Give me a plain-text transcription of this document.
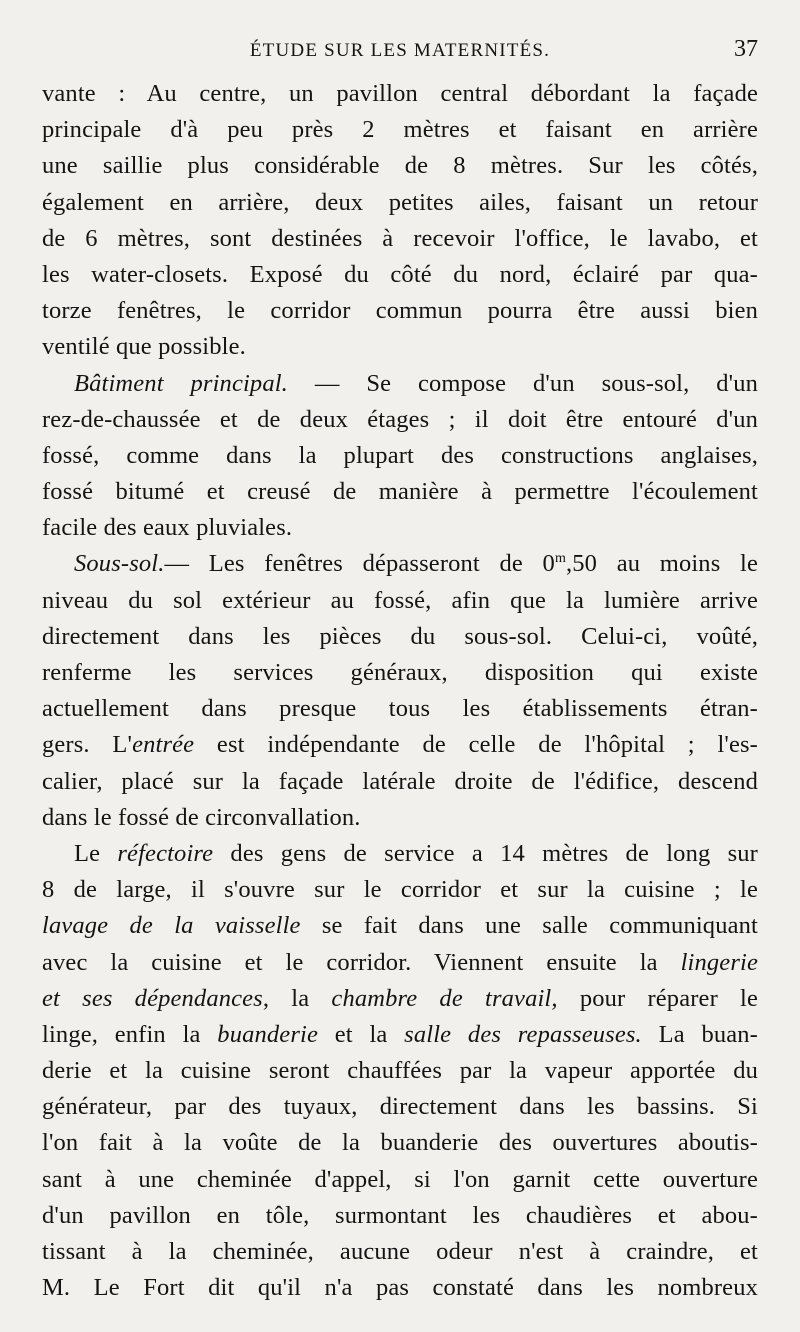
ÉTUDE SUR LES MATERNITÉS.	37
vante : Au centre, un pavillon central débordant la façade
principale d'à peu près 2 mètres et faisant en arrière
une saillie plus considérable de 8 mètres. Sur les côtés,
également en arrière, deux petites ailes, faisant un retour
de 6 mètres, sont destinées à recevoir l'office, le lavabo, et
les water-closets. Exposé du côté du nord, éclairé par qua-
torze fenêtres, le corridor commun pourra être aussi bien
ventilé que possible.
Bâtiment principal. — Se compose d'un sous-sol, d'un
rez-de-chaussée et de deux étages ; il doit être entouré d'un
fossé, comme dans la plupart des constructions anglaises,
fossé bitumé et creusé de manière à permettre l'écoulement
facile des eaux pluviales.
Sous-sol.— Les fenêtres dépasseront de 0$^m$,50 au moins le
niveau du sol extérieur au fossé, afin que la lumière arrive
directement dans les pièces du sous-sol. Celui-ci, voûté,
renferme les services généraux, disposition qui existe
actuellement dans presque tous les établissements étran-
gers. L'entrée est indépendante de celle de l'hôpital ; l'es-
calier, placé sur la façade latérale droite de l'édifice, descend
dans le fossé de circonvallation.
Le réfectoire des gens de service a 14 mètres de long sur
8 de large, il s'ouvre sur le corridor et sur la cuisine ; le
lavage de la vaisselle se fait dans une salle communiquant
avec la cuisine et le corridor. Viennent ensuite la lingerie
et ses dépendances, la chambre de travail, pour réparer le
linge, enfin la buanderie et la salle des repasseuses. La buan-
derie et la cuisine seront chauffées par la vapeur apportée du
générateur, par des tuyaux, directement dans les bassins. Si
l'on fait à la voûte de la buanderie des ouvertures aboutis-
sant à une cheminée d'appel, si l'on garnit cette ouverture
d'un pavillon en tôle, surmontant les chaudières et abou-
tissant à la cheminée, aucune odeur n'est à craindre, et
M. Le Fort dit qu'il n'a pas constaté dans les nombreux
